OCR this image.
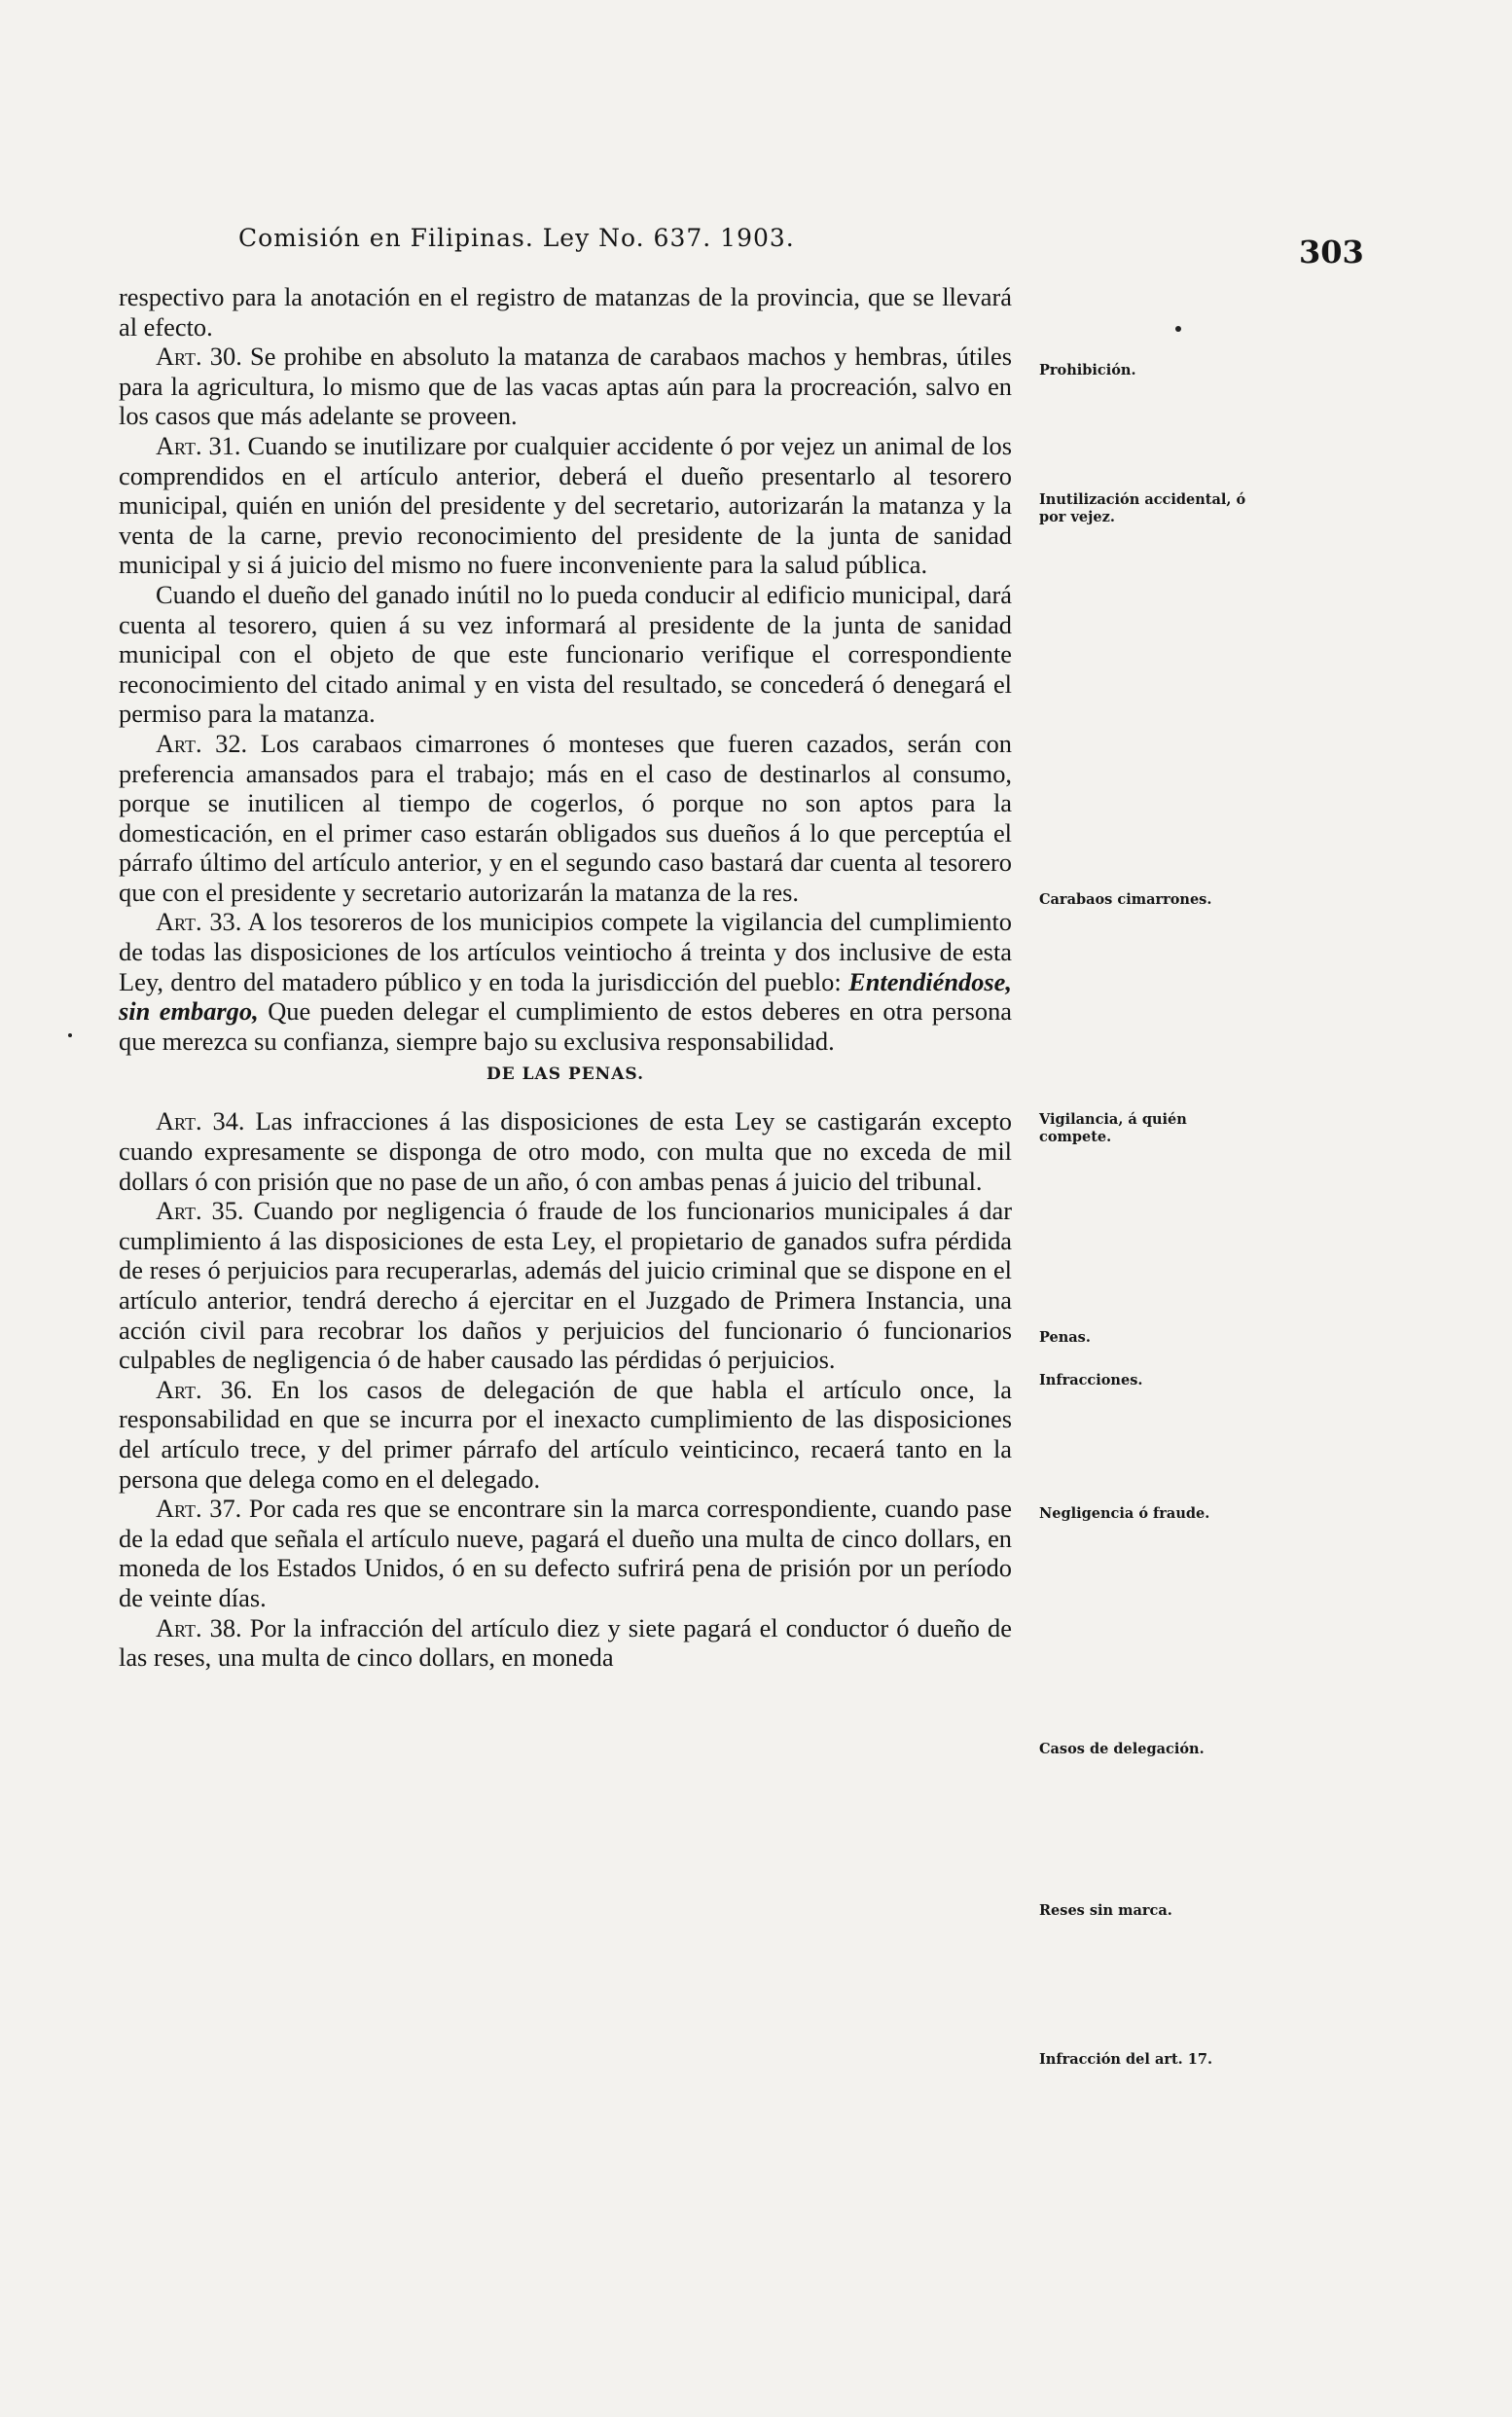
Comisión en Filipinas. Ley No. 637. 1903.	303

respectivo para la anotación en el registro de matanzas de la provincia, que se llevará al efecto.

Art. 30. Se prohibe en absoluto la matanza de carabaos machos y hembras, útiles para la agricultura, lo mismo que de las vacas aptas aún para la procreación, salvo en los casos que más adelante se proveen.

Art. 31. Cuando se inutilizare por cualquier accidente ó por vejez un animal de los comprendidos en el artículo anterior, deberá el dueño presentarlo al tesorero municipal, quién en unión del presidente y del secretario, autorizarán la matanza y la venta de la carne, previo reconocimiento del presidente de la junta de sanidad municipal y si á juicio del mismo no fuere inconveniente para la salud pública.

Cuando el dueño del ganado inútil no lo pueda conducir al edificio municipal, dará cuenta al tesorero, quien á su vez informará al presidente de la junta de sanidad municipal con el objeto de que este funcionario verifique el correspondiente reconocimiento del citado animal y en vista del resultado, se concederá ó denegará el permiso para la matanza.

Art. 32. Los carabaos cimarrones ó monteses que fueren cazados, serán con preferencia amansados para el trabajo; más en el caso de destinarlos al consumo, porque se inutilicen al tiempo de cogerlos, ó porque no son aptos para la domesticación, en el primer caso estarán obligados sus dueños á lo que perceptúa el párrafo último del artículo anterior, y en el segundo caso bastará dar cuenta al tesorero que con el presidente y secretario autorizarán la matanza de la res.

Art. 33. A los tesoreros de los municipios compete la vigilancia del cumplimiento de todas las disposiciones de los artículos veintiocho á treinta y dos inclusive de esta Ley, dentro del matadero público y en toda la jurisdicción del pueblo: Entendiéndose, sin embargo, Que pueden delegar el cumplimiento de estos deberes en otra persona que merezca su confianza, siempre bajo su exclusiva responsabilidad.

DE LAS PENAS.

Art. 34. Las infracciones á las disposiciones de esta Ley se castigarán excepto cuando expresamente se disponga de otro modo, con multa que no exceda de mil dollars ó con prisión que no pase de un año, ó con ambas penas á juicio del tribunal.

Art. 35. Cuando por negligencia ó fraude de los funcionarios municipales á dar cumplimiento á las disposiciones de esta Ley, el propietario de ganados sufra pérdida de reses ó perjuicios para recuperarlas, además del juicio criminal que se dispone en el artículo anterior, tendrá derecho á ejercitar en el Juzgado de Primera Instancia, una acción civil para recobrar los daños y perjuicios del funcionario ó funcionarios culpables de negligencia ó de haber causado las pérdidas ó perjuicios.

Art. 36. En los casos de delegación de que habla el artículo once, la responsabilidad en que se incurra por el inexacto cumplimiento de las disposiciones del artículo trece, y del primer párrafo del artículo veinticinco, recaerá tanto en la persona que delega como en el delegado.

Art. 37. Por cada res que se encontrare sin la marca correspondiente, cuando pase de la edad que señala el artículo nueve, pagará el dueño una multa de cinco dollars, en moneda de los Estados Unidos, ó en su defecto sufrirá pena de prisión por un período de veinte días.

Art. 38. Por la infracción del artículo diez y siete pagará el conductor ó dueño de las reses, una multa de cinco dollars, en moneda

Prohibición.
Inutilización accidental, ó por vejez.
Carabaos cimarrones.
Vigilancia, á quién compete.
Penas.
Infracciones.
Negligencia ó fraude.
Casos de delegación.
Reses sin marca.
Infracción del art. 17.
